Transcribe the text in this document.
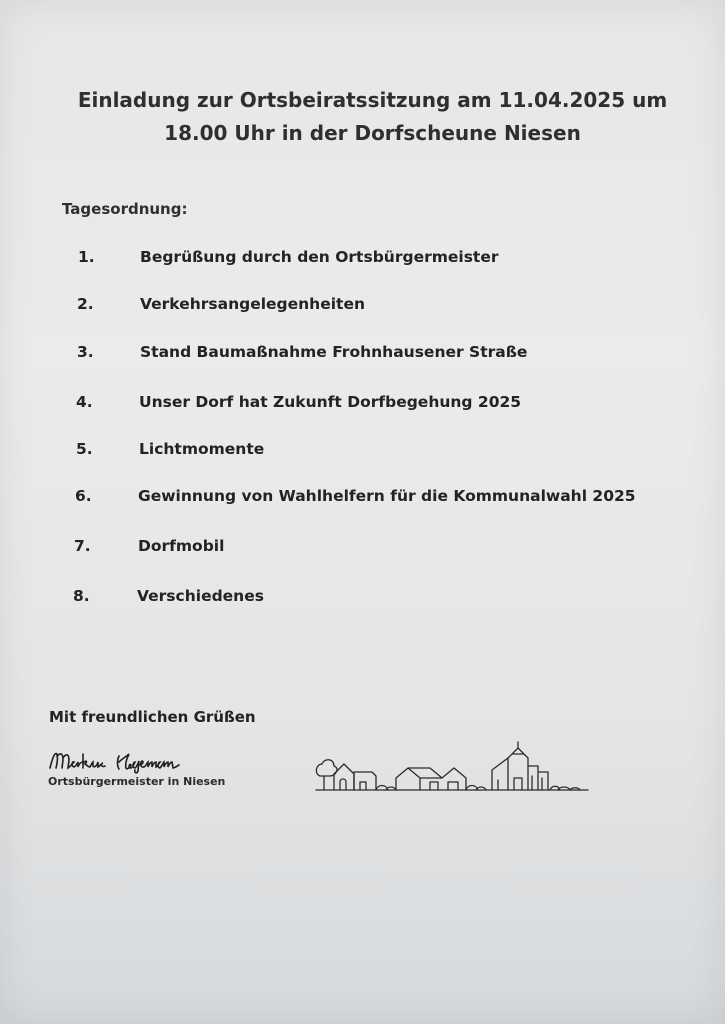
Einladung zur Ortsbeiratssitzung am 11.04.2025 um
18.00 Uhr in der Dorfscheune Niesen
Tagesordnung:
1.	Begrüßung durch den Ortsbürgermeister
2.	Verkehrsangelegenheiten
3.	Stand Baumaßnahme Frohnhausener Straße
4.	Unser Dorf hat Zukunft Dorfbegehung 2025
5.	Lichtmomente
6.	Gewinnung von Wahlhelfern für die Kommunalwahl 2025
7.	Dorfmobil
8.	Verschiedenes
Mit freundlichen Grüßen
Ortsbürgermeister in Niesen
